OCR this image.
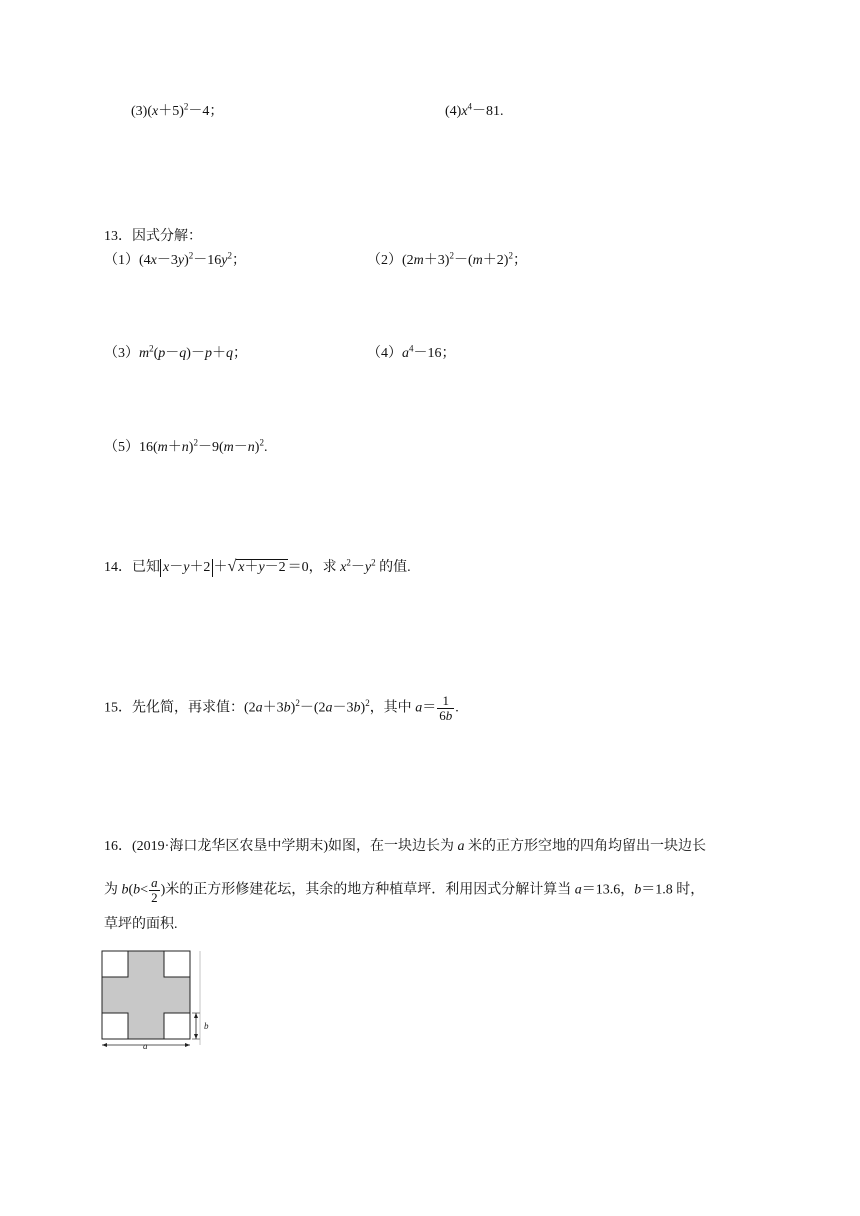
$(3)(x+5)^2-4$；	$(4)x^4-81$.
13．因式分解：
$(1)(4x-3y)^2-16y^2$；	$(2)(2m+3)^2-(m+2)^2$；
$(3)m^2(p-q)-p+q$；	$(4)a^4-16$；
$(5)16(m+n)^2-9(m-n)^2$.
14．已知 x－y＋2 ＋√ x＋y－2 ＝0，求 $x^2-y^2$ 的值.
15．先化简，再求值：$(2a+3b)^2-(2a-3b)^2$，其中 $a= \frac{1}{6b}$ .
16．(2019·海口龙华区农垦中学期末)如图，在一块边长为 a 米的正方形空地的四角均留出一块边长
为 $b(b< \frac{a}{2}$ )米的正方形修建花坛，其余的地方种植草坪．利用因式分解计算当 a＝13.6，b＝1.8 时，
草坪的面积.
a
b
